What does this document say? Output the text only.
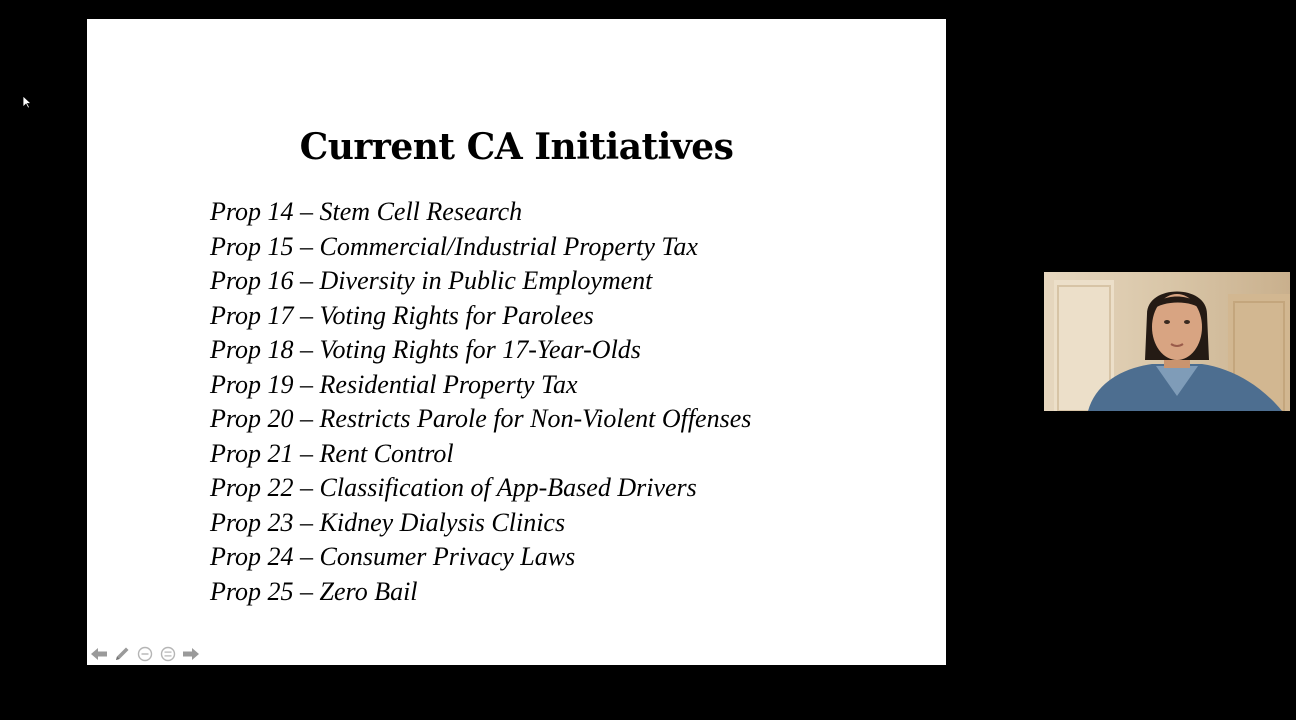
Current CA Initiatives
Prop 14 – Stem Cell Research
Prop 15 – Commercial/Industrial Property Tax
Prop 16 – Diversity in Public Employment
Prop 17 – Voting Rights for Parolees
Prop 18 – Voting Rights for 17-Year-Olds
Prop 19 – Residential Property Tax
Prop 20 – Restricts Parole for Non-Violent Offenses
Prop 21 – Rent Control
Prop 22 – Classification of App-Based Drivers
Prop 23 – Kidney Dialysis Clinics
Prop 24 – Consumer Privacy Laws
Prop 25 – Zero Bail
